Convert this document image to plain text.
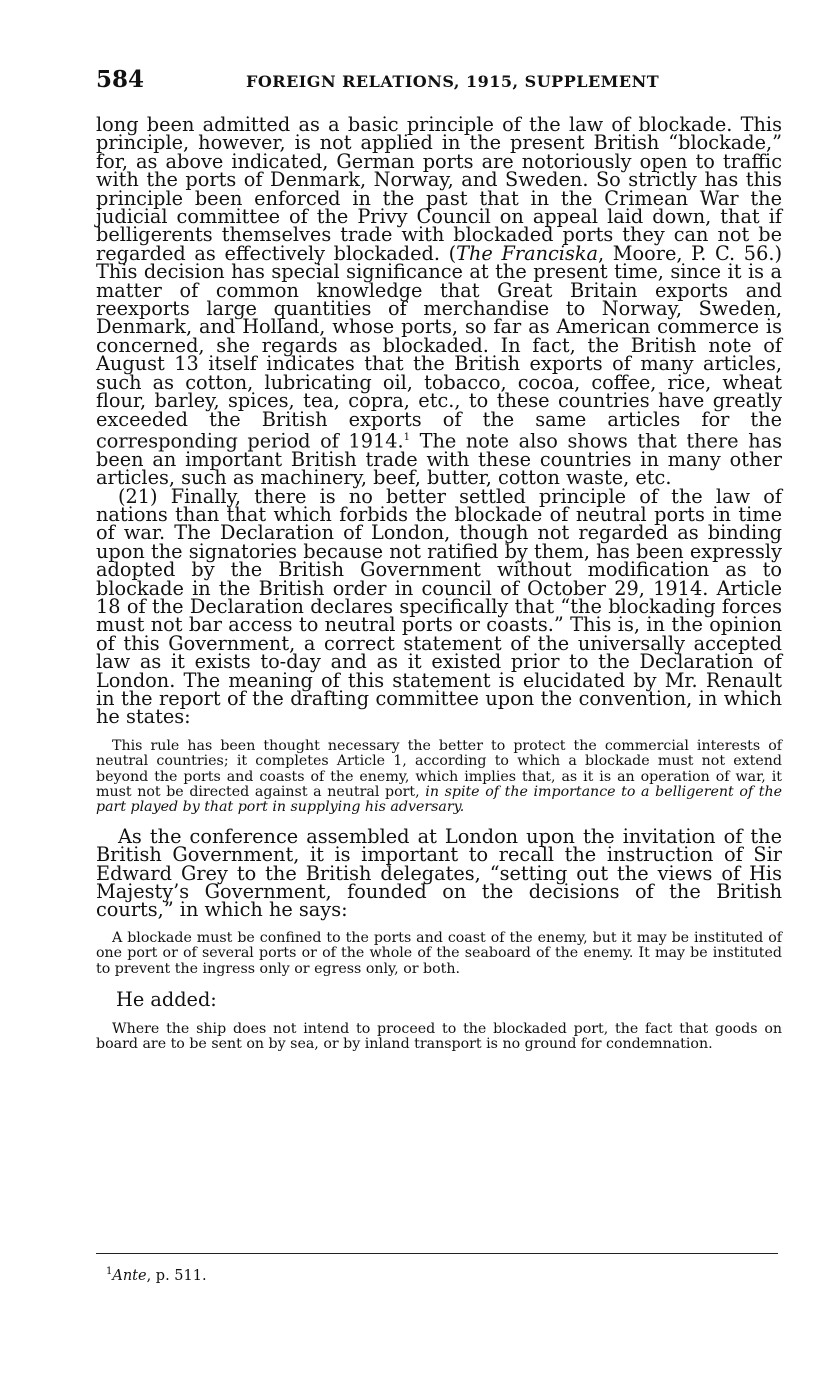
584	FOREIGN RELATIONS, 1915, SUPPLEMENT

long been admitted as a basic principle of the law of blockade. This principle, however, is not applied in the present British “blockade,” for, as above indicated, German ports are notoriously open to traffic with the ports of Denmark, Norway, and Sweden. So strictly has this principle been enforced in the past that in the Crimean War the judicial committee of the Privy Council on appeal laid down, that if belligerents themselves trade with blockaded ports they can not be regarded as effectively blockaded. (The Franciska, Moore, P. C. 56.) This decision has special significance at the present time, since it is a matter of common knowledge that Great Britain exports and reexports large quantities of merchandise to Norway, Sweden, Denmark, and Holland, whose ports, so far as American commerce is concerned, she regards as blockaded. In fact, the British note of August 13 itself indicates that the British exports of many articles, such as cotton, lubricating oil, tobacco, cocoa, coffee, rice, wheat flour, barley, spices, tea, copra, etc., to these countries have greatly exceeded the British exports of the same articles for the corresponding period of 1914.$^1$ The note also shows that there has been an important British trade with these countries in many other articles, such as machinery, beef, butter, cotton waste, etc.

(21) Finally, there is no better settled principle of the law of nations than that which forbids the blockade of neutral ports in time of war. The Declaration of London, though not regarded as binding upon the signatories because not ratified by them, has been expressly adopted by the British Government without modification as to blockade in the British order in council of October 29, 1914. Article 18 of the Declaration declares specifically that “the blockading forces must not bar access to neutral ports or coasts.” This is, in the opinion of this Government, a correct statement of the universally accepted law as it exists to-day and as it existed prior to the Declaration of London. The meaning of this statement is elucidated by Mr. Renault in the report of the drafting committee upon the convention, in which he states:

This rule has been thought necessary the better to protect the commercial interests of neutral countries; it completes Article 1, according to which a blockade must not extend beyond the ports and coasts of the enemy, which implies that, as it is an operation of war, it must not be directed against a neutral port, in spite of the importance to a belligerent of the part played by that port in supplying his adversary.

As the conference assembled at London upon the invitation of the British Government, it is important to recall the instruction of Sir Edward Grey to the British delegates, “setting out the views of His Majesty’s Government, founded on the decisions of the British courts,” in which he says:

A blockade must be confined to the ports and coast of the enemy, but it may be instituted of one port or of several ports or of the whole of the seaboard of the enemy. It may be instituted to prevent the ingress only or egress only, or both.

He added:

Where the ship does not intend to proceed to the blockaded port, the fact that goods on board are to be sent on by sea, or by inland transport is no ground for condemnation.

$^1$Ante, p. 511.
